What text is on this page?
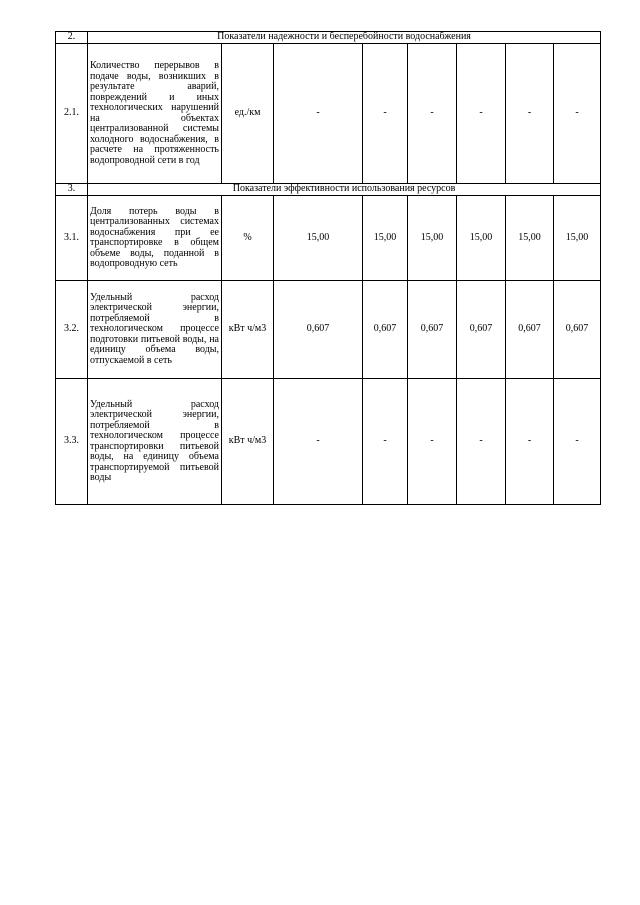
2.	Показатели надежности и бесперебойности водоснабжения							
2.1.	Количество перерывов в подаче воды, возникших в результате аварий, повреждений и иных технологических нарушений на объектах централизованной системы холодного водоснабжения, в расчете на протяженность водопроводной сети в год	ед./км	-	-	-	-	-	-
3.	Показатели эффективности использования ресурсов							
3.1.	Доля потерь воды в централизованных системах водоснабжения при ее транспортировке в общем объеме воды, поданной в водопроводную сеть	%	15,00	15,00	15,00	15,00	15,00	15,00
3.2.	Удельный расход электрической энергии, потребляемой в технологическом процессе подготовки питьевой воды, на единицу объема воды, отпускаемой в сеть	кВт ч/м3	0,607	0,607	0,607	0,607	0,607	0,607
3.3.	Удельный расход электрической энергии, потребляемой в технологическом процессе транспортировки питьевой воды, на единицу объема транспортируемой питьевой воды	кВт ч/м3	-	-	-	-	-	-
